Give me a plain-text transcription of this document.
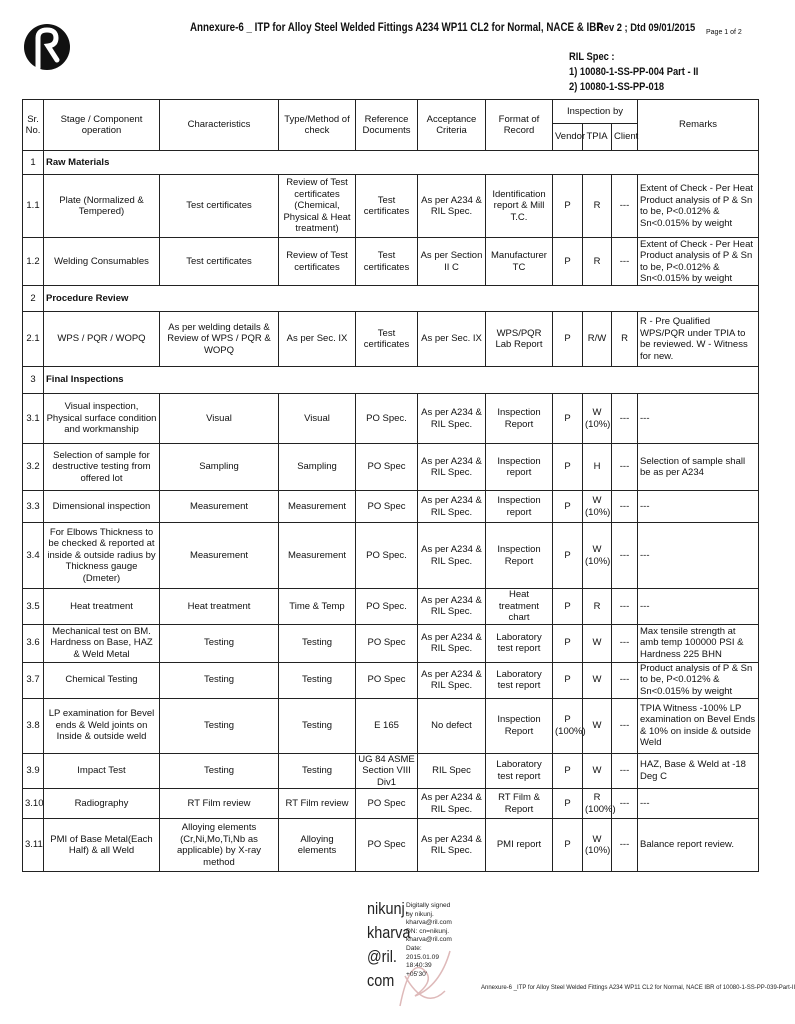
Annexure-6 _ ITP for Alloy Steel Welded Fittings A234 WP11 CL2 for Normal, NACE & IBR
Rev 2 ; Dtd 09/01/2015 Page 1 of 2
RIL Spec :
1) 10080-1-SS-PP-004 Part - II
2) 10080-1-SS-PP-018
Sr. No.	Stage / Component operation	Characteristics	Type/Method of check	Reference Documents	Acceptance Criteria	Format of Record	Inspection by			Remarks
							Vendor	TPIA	Client	
1	Raw Materials									
1.1	Plate (Normalized & Tempered)	Test certificates	Review of Test certificates (Chemical, Physical & Heat treatment)	Test certificates	As per A234 & RIL Spec.	Identification report & Mill T.C.	P	R	---	Extent of Check - Per Heat Product analysis of P & Sn to be, P<0.012% & Sn<0.015% by weight
1.2	Welding Consumables	Test certificates	Review of Test certificates	Test certificates	As per Section II C	Manufacturer TC	P	R	---	Extent of Check - Per Heat Product analysis of P & Sn to be, P<0.012% & Sn<0.015% by weight
2	Procedure Review									
2.1	WPS / PQR / WOPQ	As per welding details & Review of WPS / PQR & WOPQ	As per Sec. IX	Test certificates	As per Sec. IX	WPS/PQR Lab Report	P	R/W	R	R - Pre Qualified WPS/PQR under TPIA to be reviewed. W - Witness for new.
3	Final Inspections									
3.1	Visual inspection, Physical surface condition and workmanship	Visual	Visual	PO Spec.	As per A234 & RIL Spec.	Inspection Report	P	W (10%)	---	---
3.2	Selection of sample for destructive testing from offered lot	Sampling	Sampling	PO Spec	As per A234 & RIL Spec.	Inspection report	P	H	---	Selection of sample shall be as per A234
3.3	Dimensional inspection	Measurement	Measurement	PO Spec	As per A234 & RIL Spec.	Inspection report	P	W (10%)	---	---
3.4	For Elbows Thickness to be checked & reported at inside & outside radius by Thickness gauge (Dmeter)	Measurement	Measurement	PO Spec.	As per A234 & RIL Spec.	Inspection Report	P	W (10%)	---	---
3.5	Heat treatment	Heat treatment	Time & Temp	PO Spec.	As per A234 & RIL Spec.	Heat treatment chart	P	R	---	---
3.6	Mechanical test on BM. Hardness on Base, HAZ & Weld Metal	Testing	Testing	PO Spec	As per A234 & RIL Spec.	Laboratory test report	P	W	---	Max tensile strength at amb temp 100000 PSI & Hardness 225 BHN
3.7	Chemical Testing	Testing	Testing	PO Spec	As per A234 & RIL Spec.	Laboratory test report	P	W	---	Product analysis of P & Sn to be, P<0.012% & Sn<0.015% by weight
3.8	LP examination for Bevel ends & Weld joints on Inside & outside weld	Testing	Testing	E 165	No defect	Inspection Report	P (100%)	W	---	TPIA Witness -100% LP examination on Bevel Ends & 10% on inside & outside Weld
3.9	Impact Test	Testing	Testing	UG 84 ASME Section VIII Div1	RIL Spec	Laboratory test report	P	W	---	HAZ, Base & Weld at -18 Deg C
3.10	Radiography	RT Film review	RT Film review	PO Spec	As per A234 & RIL Spec.	RT Film & Report	P	R (100%)	---	---
3.11	PMI of Base Metal(Each Half) & all Weld	Alloying elements (Cr,Ni,Mo,Ti,Nb as applicable) by X-ray method	Alloying elements	PO Spec	As per A234 & RIL Spec.	PMI report	P	W (10%)	---	Balance report review.
nikunj.
kharva
@ril.
com
Digitally signed
by nikunj.
kharva@ril.com
DN: cn=nikunj.
kharva@ril.com
Date:
2015.01.09
18:40:39
+05'30'
Annexure-6 _ITP for Alloy Steel Welded Fittings A234 WP11 CL2 for Normal, NACE IBR of 10080-1-SS-PP-039-Part-II
